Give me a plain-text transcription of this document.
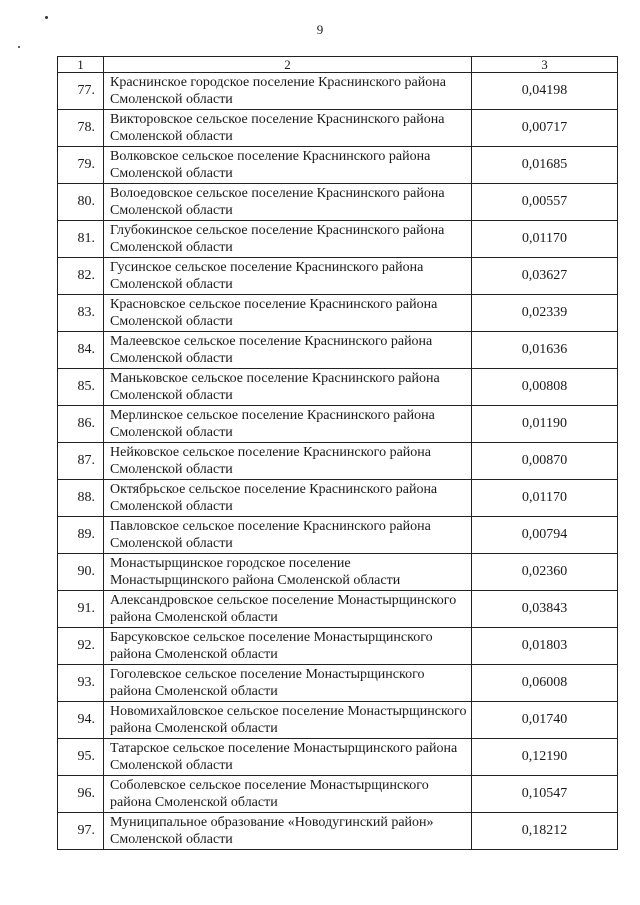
9
1	2	3
77.	Краснинское городское поселение Краснинского района Смоленской области	0,04198
78.	Викторовское сельское поселение Краснинского района Смоленской области	0,00717
79.	Волковское сельское поселение Краснинского района Смоленской области	0,01685
80.	Волоедовское сельское поселение Краснинского района Смоленской области	0,00557
81.	Глубокинское сельское поселение Краснинского района Смоленской области	0,01170
82.	Гусинское сельское поселение Краснинского района Смоленской области	0,03627
83.	Красновское сельское поселение Краснинского района Смоленской области	0,02339
84.	Малеевское сельское поселение Краснинского района Смоленской области	0,01636
85.	Маньковское сельское поселение Краснинского района Смоленской области	0,00808
86.	Мерлинское сельское поселение Краснинского района Смоленской области	0,01190
87.	Нейковское сельское поселение Краснинского района Смоленской области	0,00870
88.	Октябрьское сельское поселение Краснинского района Смоленской области	0,01170
89.	Павловское сельское поселение Краснинского района Смоленской области	0,00794
90.	Монастырщинское городское поселение Монастырщинского района Смоленской области	0,02360
91.	Александровское сельское поселение Монастырщинского района Смоленской области	0,03843
92.	Барсуковское сельское поселение Монастырщинского района Смоленской области	0,01803
93.	Гоголевское сельское поселение Монастырщинского района Смоленской области	0,06008
94.	Новомихайловское сельское поселение Монастырщинского района Смоленской области	0,01740
95.	Татарское сельское поселение Монастырщинского района Смоленской области	0,12190
96.	Соболевское сельское поселение Монастырщинского района Смоленской области	0,10547
97.	Муниципальное образование «Новодугинский район» Смоленской области	0,18212
